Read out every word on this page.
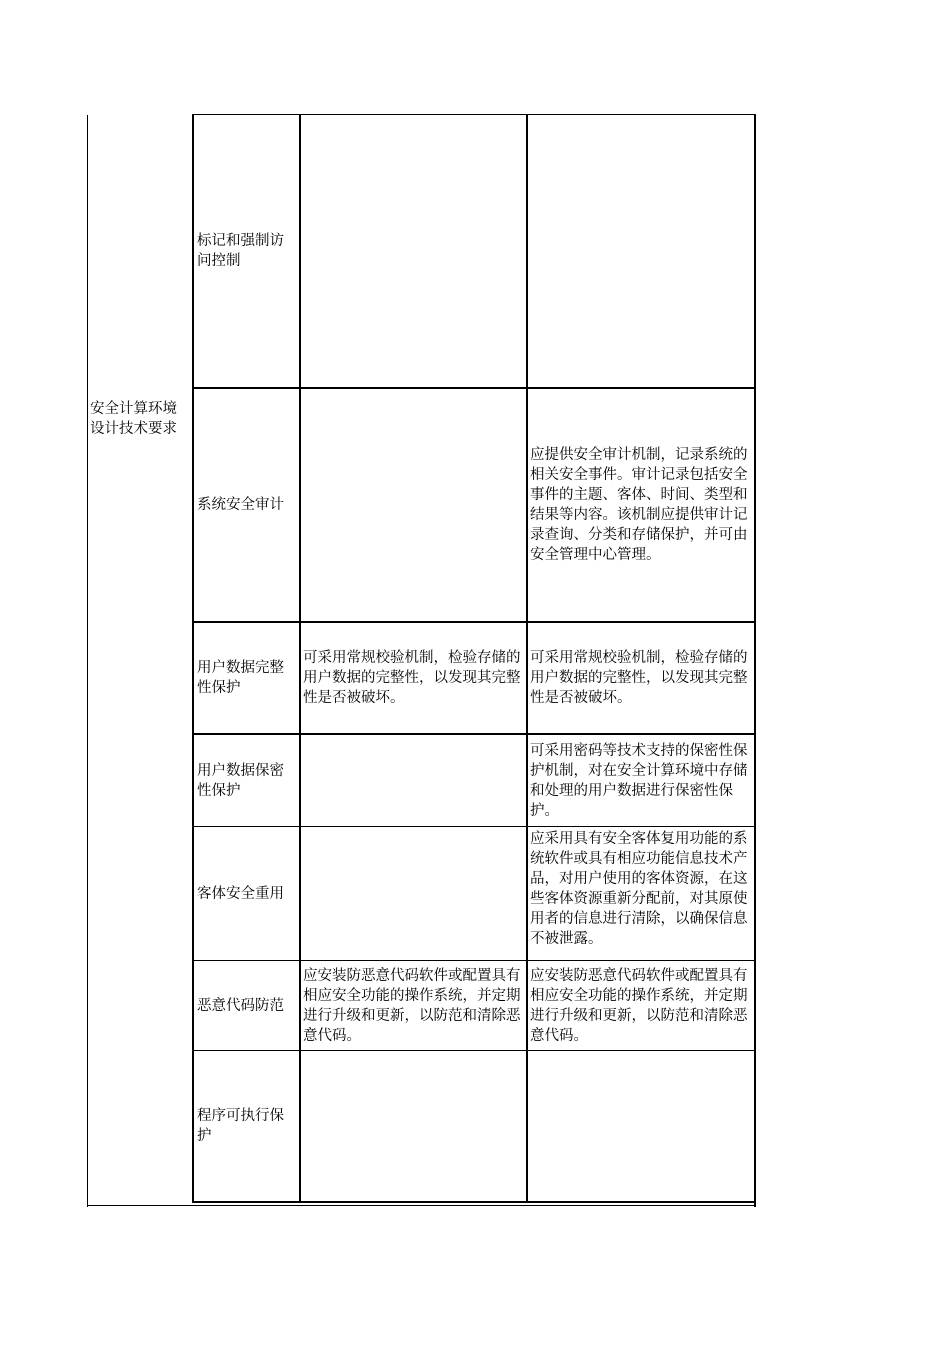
安全计算环境设计技术要求
标记和强制访问控制
系统安全审计
应提供安全审计机制，记录系统的相关安全事件。审计记录包括安全事件的主题、客体、时间、类型和结果等内容。该机制应提供审计记录查询、分类和存储保护，并可由安全管理中心管理。
用户数据完整性保护
可采用常规校验机制，检验存储的用户数据的完整性，以发现其完整性是否被破坏。
可采用常规校验机制，检验存储的用户数据的完整性，以发现其完整性是否被破坏。
用户数据保密性保护
可采用密码等技术支持的保密性保护机制，对在安全计算环境中存储和处理的用户数据进行保密性保护。
客体安全重用
应采用具有安全客体复用功能的系统软件或具有相应功能信息技术产品，对用户使用的客体资源，在这些客体资源重新分配前，对其原使用者的信息进行清除，以确保信息不被泄露。
恶意代码防范
应安装防恶意代码软件或配置具有相应安全功能的操作系统，并定期进行升级和更新，以防范和清除恶意代码。
应安装防恶意代码软件或配置具有相应安全功能的操作系统，并定期进行升级和更新，以防范和清除恶意代码。
程序可执行保护
